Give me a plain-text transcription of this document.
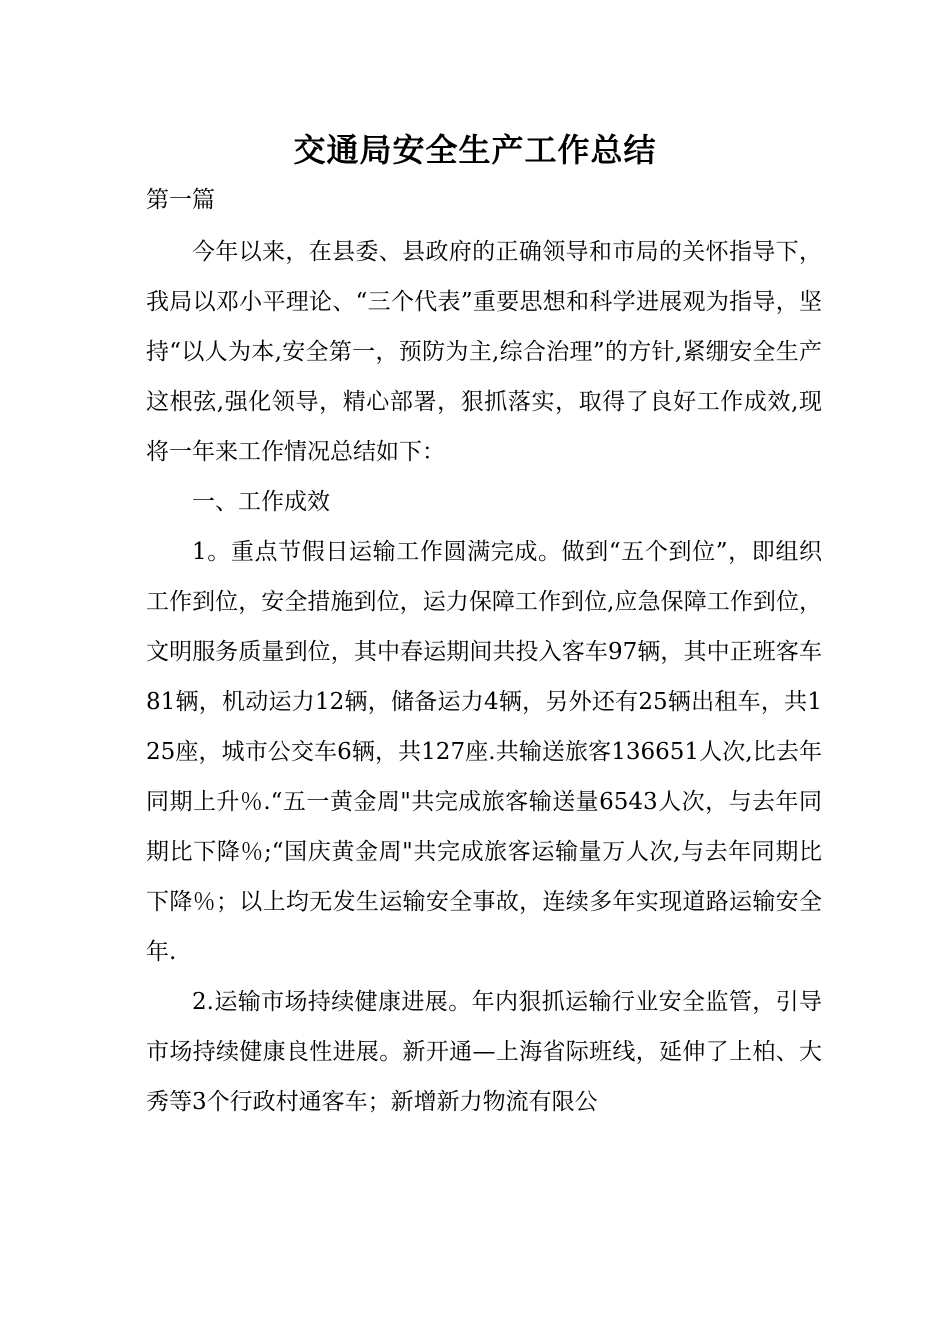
交通局安全生产工作总结
第一篇

今年以来，在县委、县政府的正确领导和市局的关怀指导下，我局以邓小平理论、“三个代表”重要思想和科学进展观为指导，坚持“以人为本,安全第一，预防为主,综合治理”的方针,紧绷安全生产这根弦,强化领导，精心部署，狠抓落实，取得了良好工作成效,现将一年来工作情况总结如下：

一、工作成效

1。重点节假日运输工作圆满完成。做到“五个到位”，即组织工作到位，安全措施到位，运力保障工作到位,应急保障工作到位，文明服务质量到位，其中春运期间共投入客车97辆，其中正班客车81辆，机动运力12辆，储备运力4辆，另外还有25辆出租车，共125座，城市公交车6辆，共127座.共输送旅客136651人次,比去年同期上升％.“五一黄金周"共完成旅客输送量6543人次，与去年同期比下降％;“国庆黄金周"共完成旅客运输量万人次,与去年同期比下降％；以上均无发生运输安全事故，连续多年实现道路运输安全年.

2.运输市场持续健康进展。年内狠抓运输行业安全监管，引导市场持续健康良性进展。新开通—上海省际班线，延伸了上柏、大秀等3个行政村通客车；新增新力物流有限公
